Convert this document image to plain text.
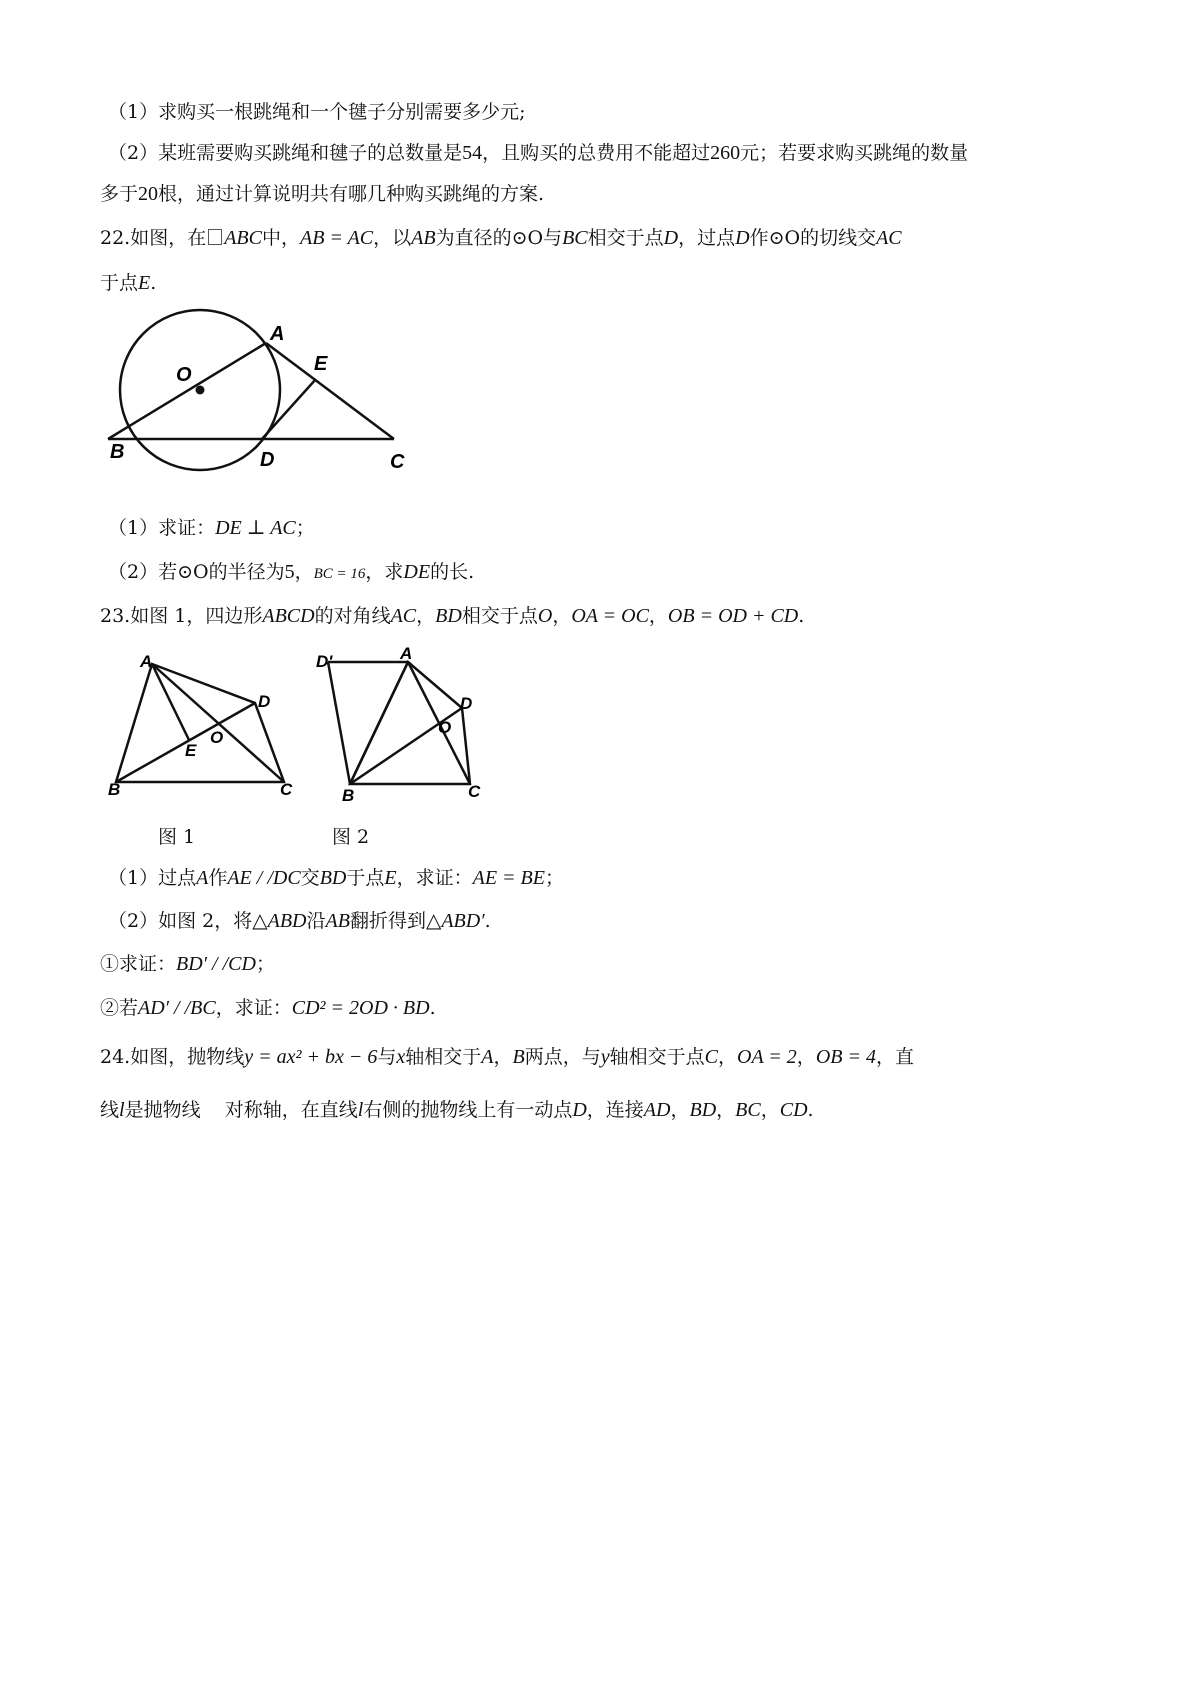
（1）求购买一根跳绳和一个毽子分别需要多少元;
（2）某班需要购买跳绳和毽子的总数量是54，且购买的总费用不能超过260元；若要求购买跳绳的数量
多于20根，通过计算说明共有哪几种购买跳绳的方案.
22.如图，在 ABC中，AB = AC，以AB为直径的⊙O与BC相交于点D，过点D作⊙O的切线交AC
于点E.
O
A
E
B	D	C
（1）求证：DE ⊥ AC；
（2）若⊙O的半径为5，BC = 16，求DE的长.
23.如图 1，四边形ABCD的对角线AC，BD相交于点O，OA = OC，OB = OD + CD.
A
D
O
E
B	C
D'	A
D
O
B	C
图 1	图 2
（1）过点A作AE / /DC交BD于点E，求证：AE = BE；
（2）如图 2，将△ABD沿AB翻折得到△ABD′.
①求证：BD′ / /CD；
②若AD′ / /BC，求证：CD² = 2OD · BD.
24.如图，抛物线y = ax² + bx − 6与x轴相交于A，B两点，与y轴相交于点C，OA = 2，OB = 4，直
线l是抛物线    对称轴，在直线l右侧的抛物线上有一动点D，连接AD，BD，BC，CD.
